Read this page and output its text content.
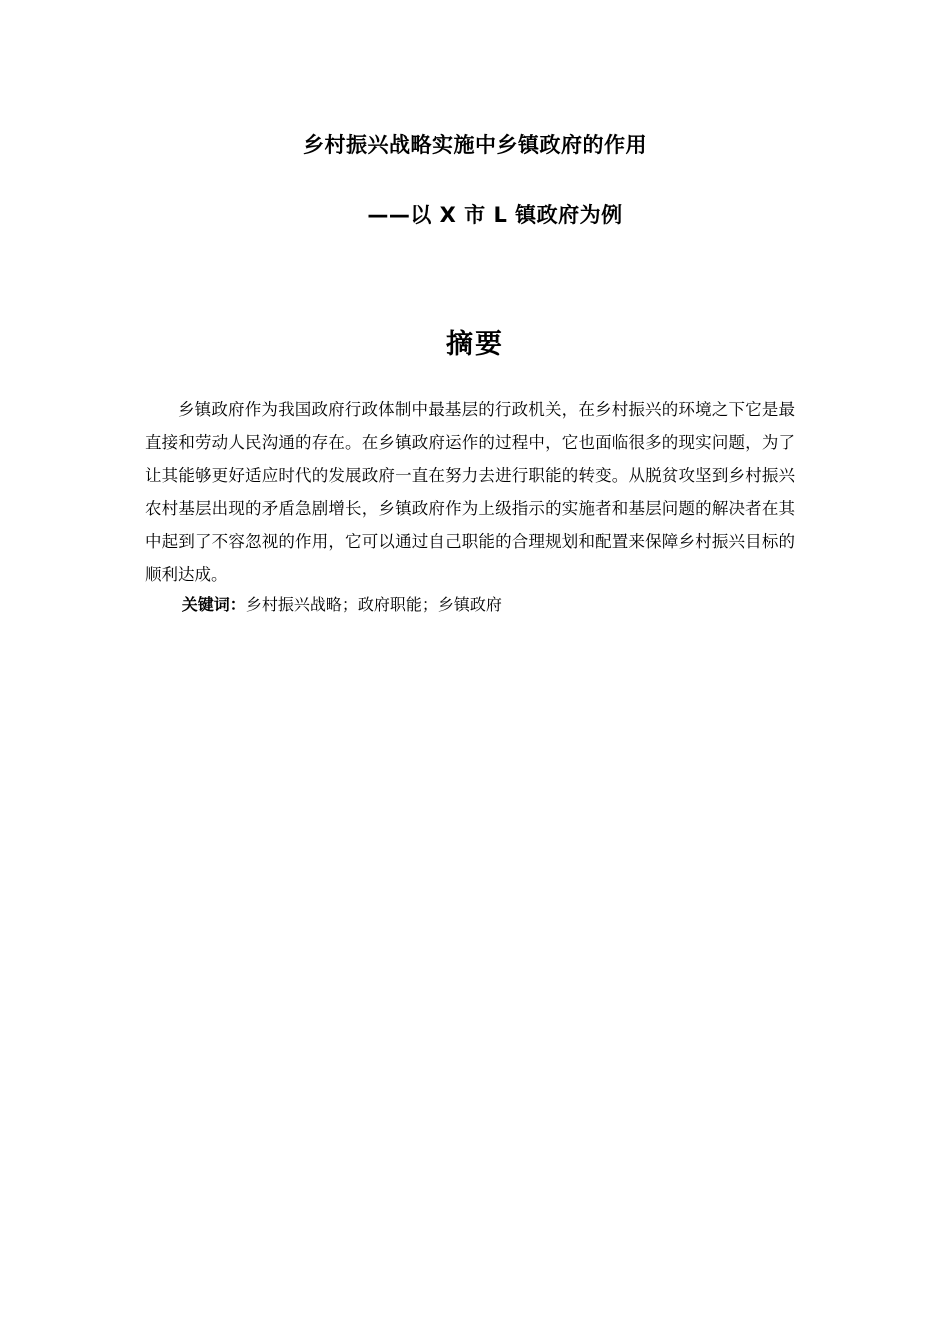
乡村振兴战略实施中乡镇政府的作用
——以 X 市 L 镇政府为例
摘要

乡镇政府作为我国政府行政体制中最基层的行政机关，在乡村振兴的环境之下它是最直接和劳动人民沟通的存在。在乡镇政府运作的过程中，它也面临很多的现实问题，为了让其能够更好适应时代的发展政府一直在努力去进行职能的转变。从脱贫攻坚到乡村振兴农村基层出现的矛盾急剧增长，乡镇政府作为上级指示的实施者和基层问题的解决者在其中起到了不容忽视的作用，它可以通过自己职能的合理规划和配置来保障乡村振兴目标的顺利达成。

关键词：乡村振兴战略；政府职能；乡镇政府
